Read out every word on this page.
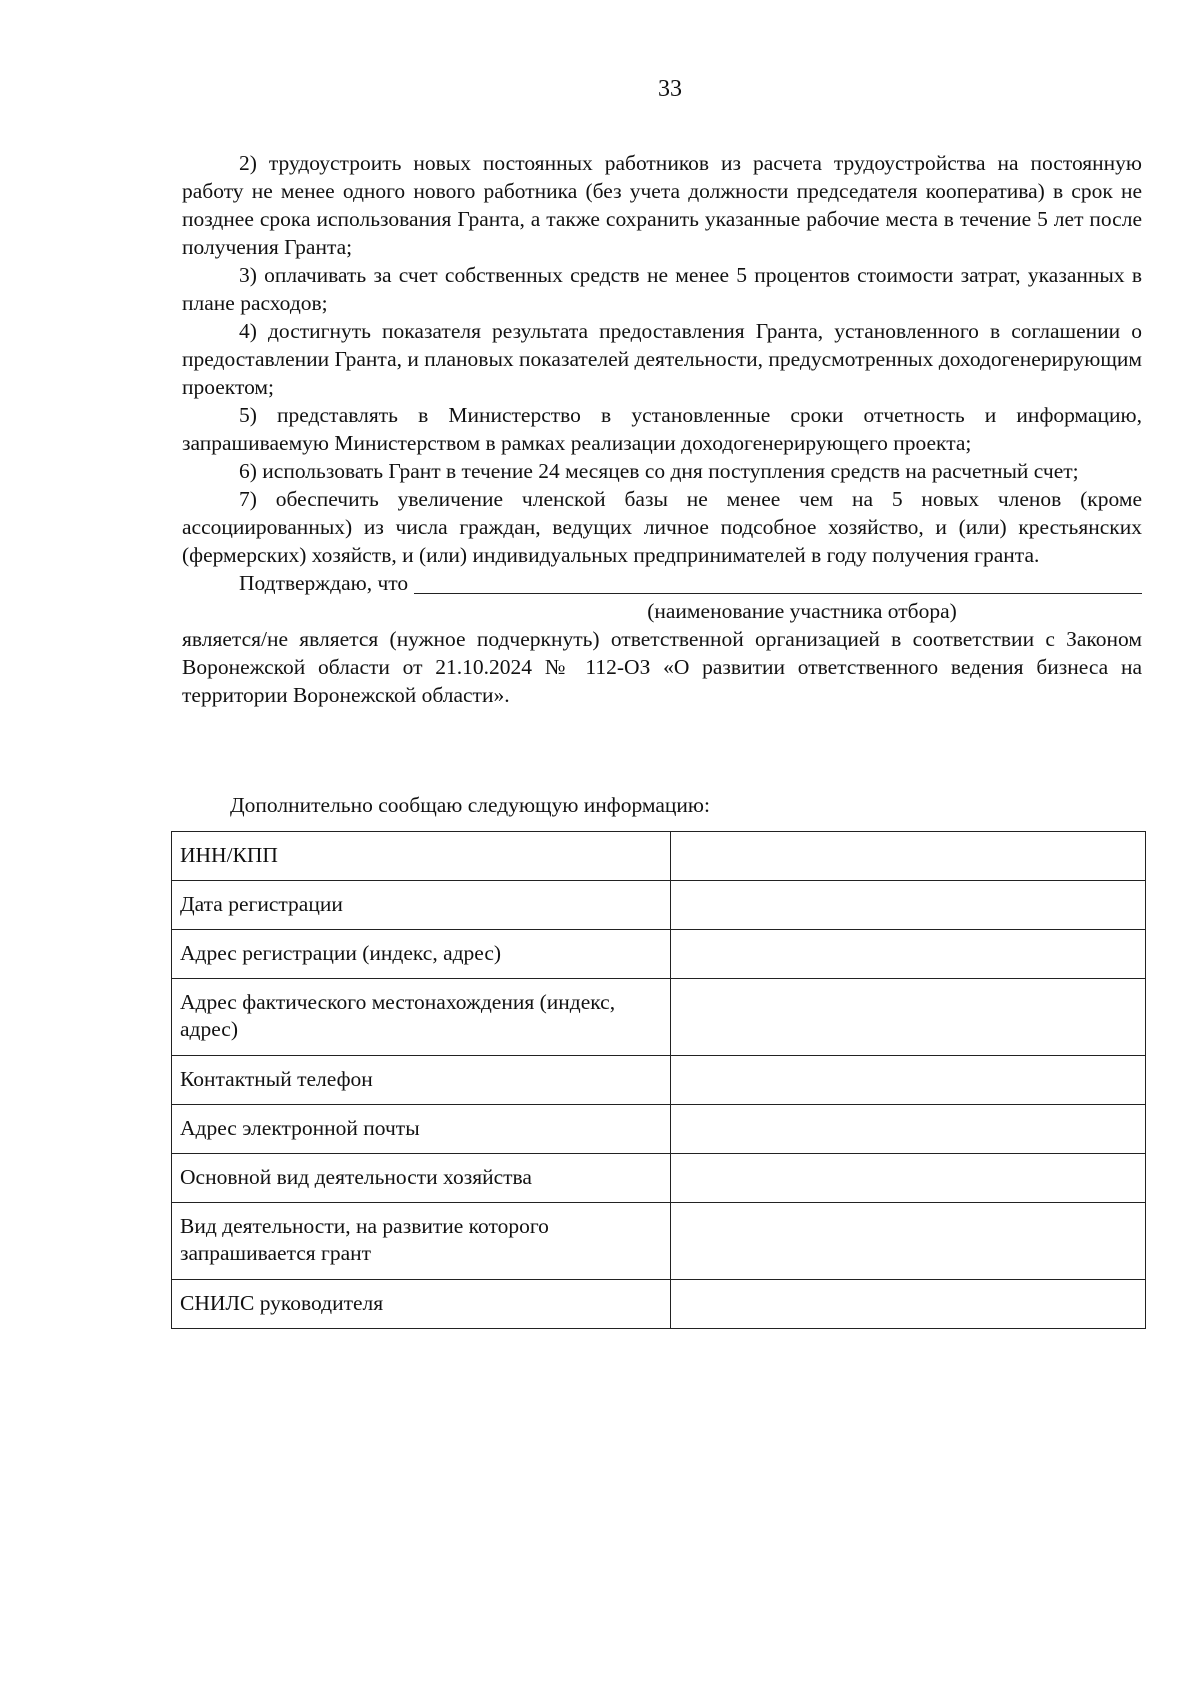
33

2) трудоустроить новых постоянных работников из расчета трудоустройства на постоянную работу не менее одного нового работника (без учета должности председателя кооператива) в срок не позднее срока использования Гранта, а также сохранить указанные рабочие места в течение 5 лет после получения Гранта;

3) оплачивать за счет собственных средств не менее 5 процентов стоимости затрат, указанных в плане расходов;

4) достигнуть показателя результата предоставления Гранта, установленного в соглашении о предоставлении Гранта, и плановых показателей деятельности, предусмотренных доходогенерирующим проектом;

5) представлять в Министерство в установленные сроки отчетность и информацию, запрашиваемую Министерством в рамках реализации доходогенерирующего проекта;

6) использовать Грант в течение 24 месяцев со дня поступления средств на расчетный счет;

7) обеспечить увеличение членской базы не менее чем на 5 новых членов (кроме ассоциированных) из числа граждан, ведущих личное подсобное хозяйство, и (или) крестьянских (фермерских) хозяйств, и (или) индивидуальных предпринимателей в году получения гранта.

Подтверждаю, что

(наименование участника отбора)

является/не является (нужное подчеркнуть) ответственной организацией в соответствии с Законом Воронежской области от 21.10.2024 № 112-ОЗ «О развитии ответственного ведения бизнеса на территории Воронежской области».

Дополнительно сообщаю следующую информацию:
ИНН/КПП	
Дата регистрации	
Адрес регистрации (индекс, адрес)	
Адрес фактического местонахождения (индекс, адрес)	
Контактный телефон	
Адрес электронной почты	
Основной вид деятельности хозяйства	
Вид деятельности, на развитие которого запрашивается грант	
СНИЛС руководителя	
